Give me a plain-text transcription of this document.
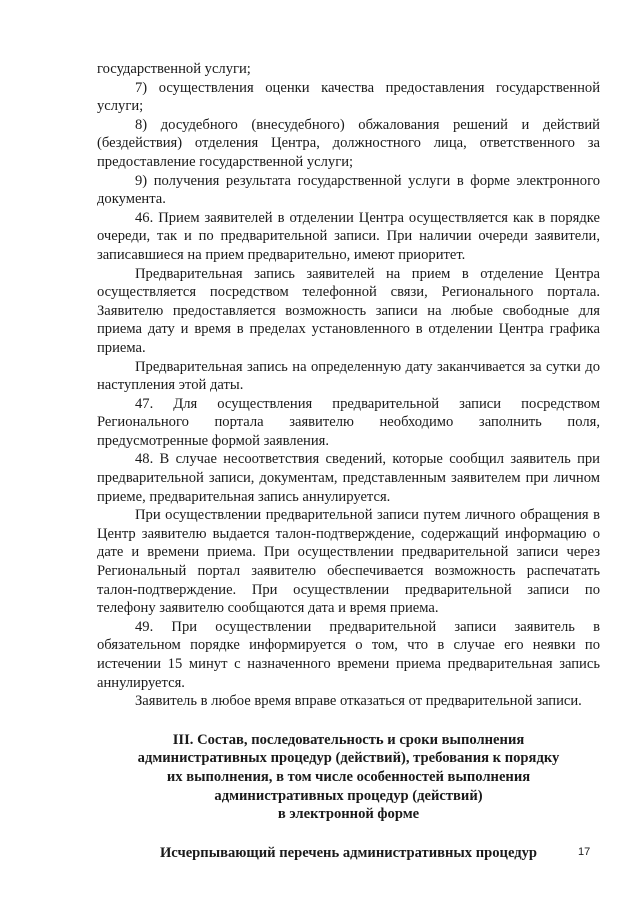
государственной услуги;

7) осуществления оценки качества предоставления государственной услуги;

8) досудебного (внесудебного) обжалования решений и действий (бездействия) отделения Центра, должностного лица, ответственного за предоставление государственной услуги;

9) получения результата государственной услуги в форме электронного документа.

46. Прием заявителей в отделении Центра осуществляется как в порядке очереди, так и по предварительной записи. При наличии очереди заявители, записавшиеся на прием предварительно, имеют приоритет.

Предварительная запись заявителей на прием в отделение Центра осуществляется посредством телефонной связи, Регионального портала. Заявителю предоставляется возможность записи на любые свободные для приема дату и время в пределах установленного в отделении Центра графика приема.

Предварительная запись на определенную дату заканчивается за сутки до наступления этой даты.

47. Для осуществления предварительной записи посредством Регионального портала заявителю необходимо заполнить поля, предусмотренные формой заявления.

48. В случае несоответствия сведений, которые сообщил заявитель при предварительной записи, документам, представленным заявителем при личном приеме, предварительная запись аннулируется.

При осуществлении предварительной записи путем личного обращения в Центр заявителю выдается талон-подтверждение, содержащий информацию о дате и времени приема. При осуществлении предварительной записи через Региональный портал заявителю обеспечивается возможность распечатать талон-подтверждение. При осуществлении предварительной записи по телефону заявителю сообщаются дата и время приема.

49. При осуществлении предварительной записи заявитель в обязательном порядке информируется о том, что в случае его неявки по истечении 15 минут с назначенного времени приема предварительная запись аннулируется.

Заявитель в любое время вправе отказаться от предварительной записи.

III. Состав, последовательность и сроки выполнения
административных процедур (действий), требования к порядку
их выполнения, в том числе особенностей выполнения
административных процедур (действий)
в электронной форме
Исчерпывающий перечень административных процедур	17
